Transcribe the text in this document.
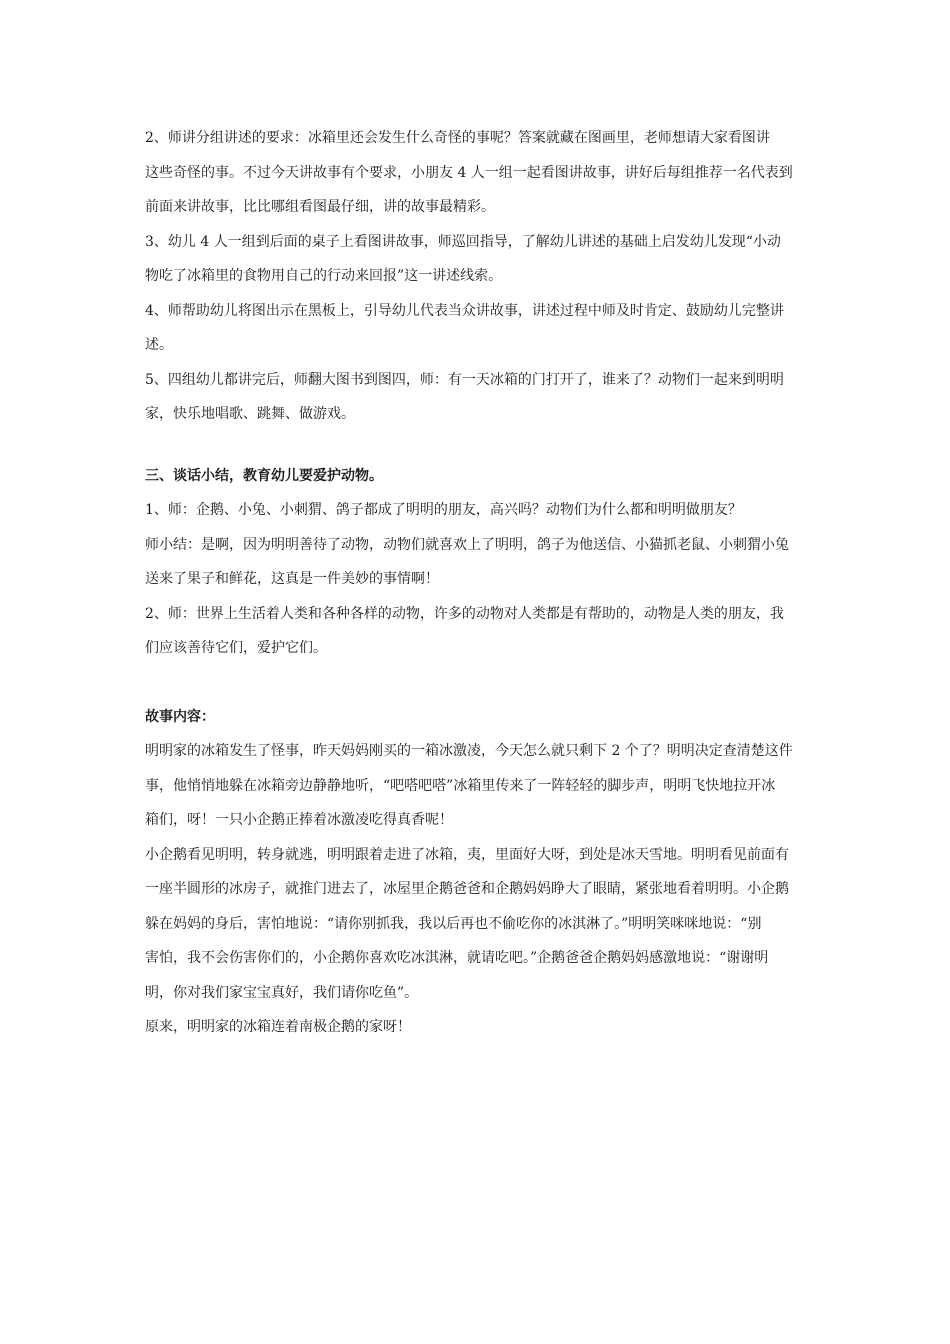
2、师讲分组讲述的要求：冰箱里还会发生什么奇怪的事呢？答案就藏在图画里，老师想请大家看图讲
这些奇怪的事。不过今天讲故事有个要求，小朋友 4 人一组一起看图讲故事，讲好后每组推荐一名代表到
前面来讲故事，比比哪组看图最仔细，讲的故事最精彩。
3、幼儿 4 人一组到后面的桌子上看图讲故事，师巡回指导，了解幼儿讲述的基础上启发幼儿发现“小动
物吃了冰箱里的食物用自己的行动来回报”这一讲述线索。
4、师帮助幼儿将图出示在黑板上，引导幼儿代表当众讲故事，讲述过程中师及时肯定、鼓励幼儿完整讲
述。
5、四组幼儿都讲完后，师翻大图书到图四，师：有一天冰箱的门打开了，谁来了？动物们一起来到明明
家，快乐地唱歌、跳舞、做游戏。
三、谈话小结，教育幼儿要爱护动物。
1、师：企鹅、小兔、小刺猬、鸽子都成了明明的朋友，高兴吗？动物们为什么都和明明做朋友？
师小结：是啊，因为明明善待了动物，动物们就喜欢上了明明，鸽子为他送信、小猫抓老鼠、小刺猬小兔
送来了果子和鲜花，这真是一件美妙的事情啊！
2、师：世界上生活着人类和各种各样的动物，许多的动物对人类都是有帮助的，动物是人类的朋友，我
们应该善待它们，爱护它们。
故事内容：
明明家的冰箱发生了怪事，昨天妈妈刚买的一箱冰激凌，今天怎么就只剩下 2 个了？明明决定查清楚这件
事，他悄悄地躲在冰箱旁边静静地听，“吧嗒吧嗒”冰箱里传来了一阵轻轻的脚步声，明明飞快地拉开冰
箱们，呀！一只小企鹅正捧着冰激凌吃得真香呢！
小企鹅看见明明，转身就逃，明明跟着走进了冰箱，夷，里面好大呀，到处是冰天雪地。明明看见前面有
一座半圆形的冰房子，就推门进去了，冰屋里企鹅爸爸和企鹅妈妈睁大了眼睛，紧张地看着明明。小企鹅
躲在妈妈的身后，害怕地说：“请你别抓我，我以后再也不偷吃你的冰淇淋了。”明明笑咪咪地说：“别
害怕，我不会伤害你们的，小企鹅你喜欢吃冰淇淋，就请吃吧。”企鹅爸爸企鹅妈妈感激地说：“谢谢明
明，你对我们家宝宝真好，我们请你吃鱼”。
原来，明明家的冰箱连着南极企鹅的家呀！
